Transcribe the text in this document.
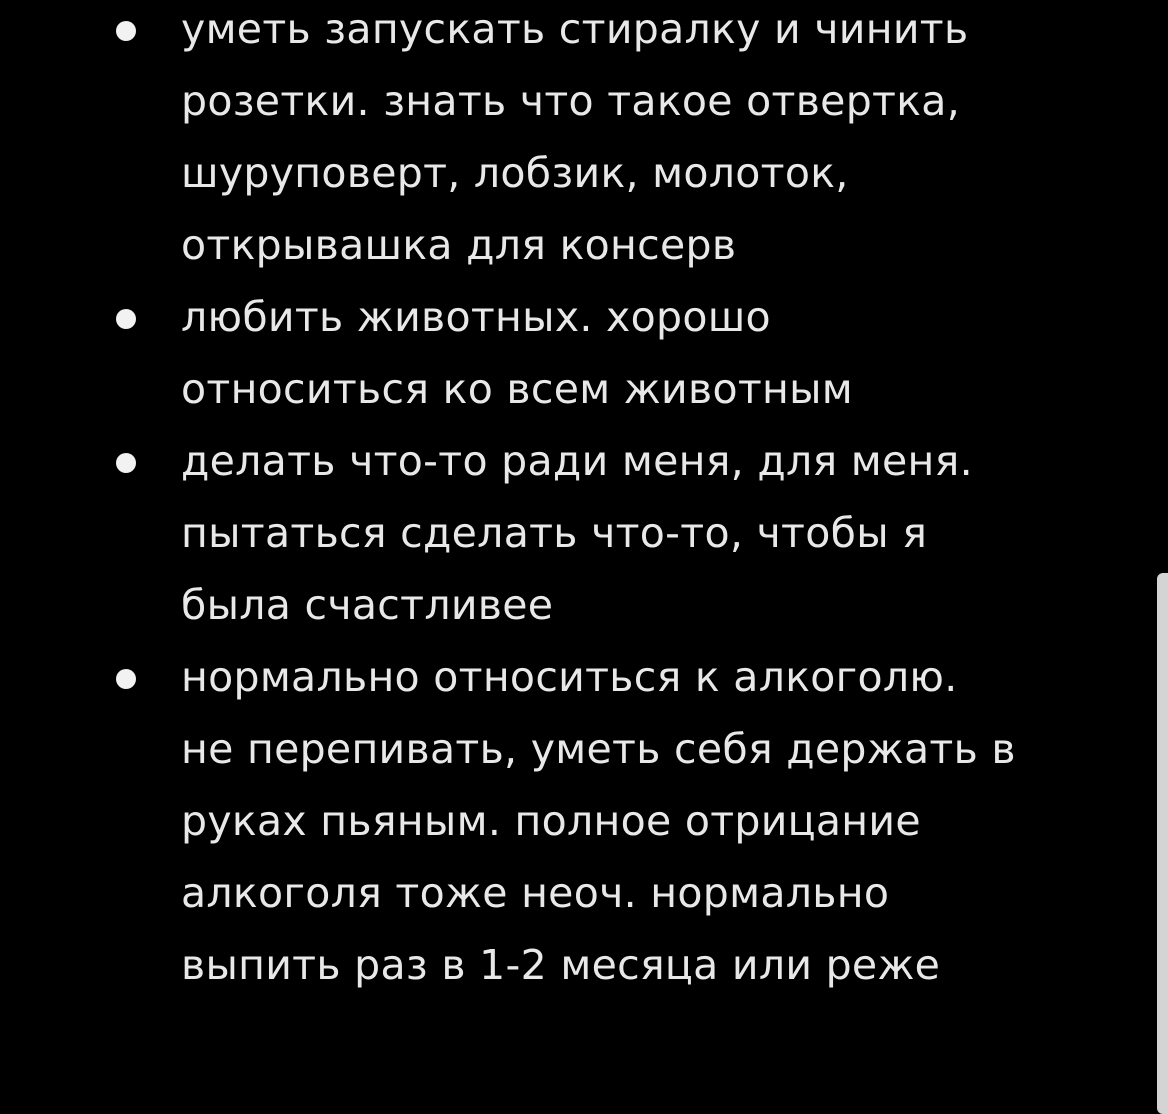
уметь запускать стиралку и чинить
розетки. знать что такое отвертка,
шуруповерт, лобзик, молоток,
открывашка для консерв
любить животных. хорошо
относиться ко всем животным
делать что-то ради меня, для меня.
пытаться сделать что-то, чтобы я
была счастливее
нормально относиться к алкоголю.
не перепивать, уметь себя держать в
руках пьяным. полное отрицание
алкоголя тоже неоч. нормально
выпить раз в 1-2 месяца или реже
